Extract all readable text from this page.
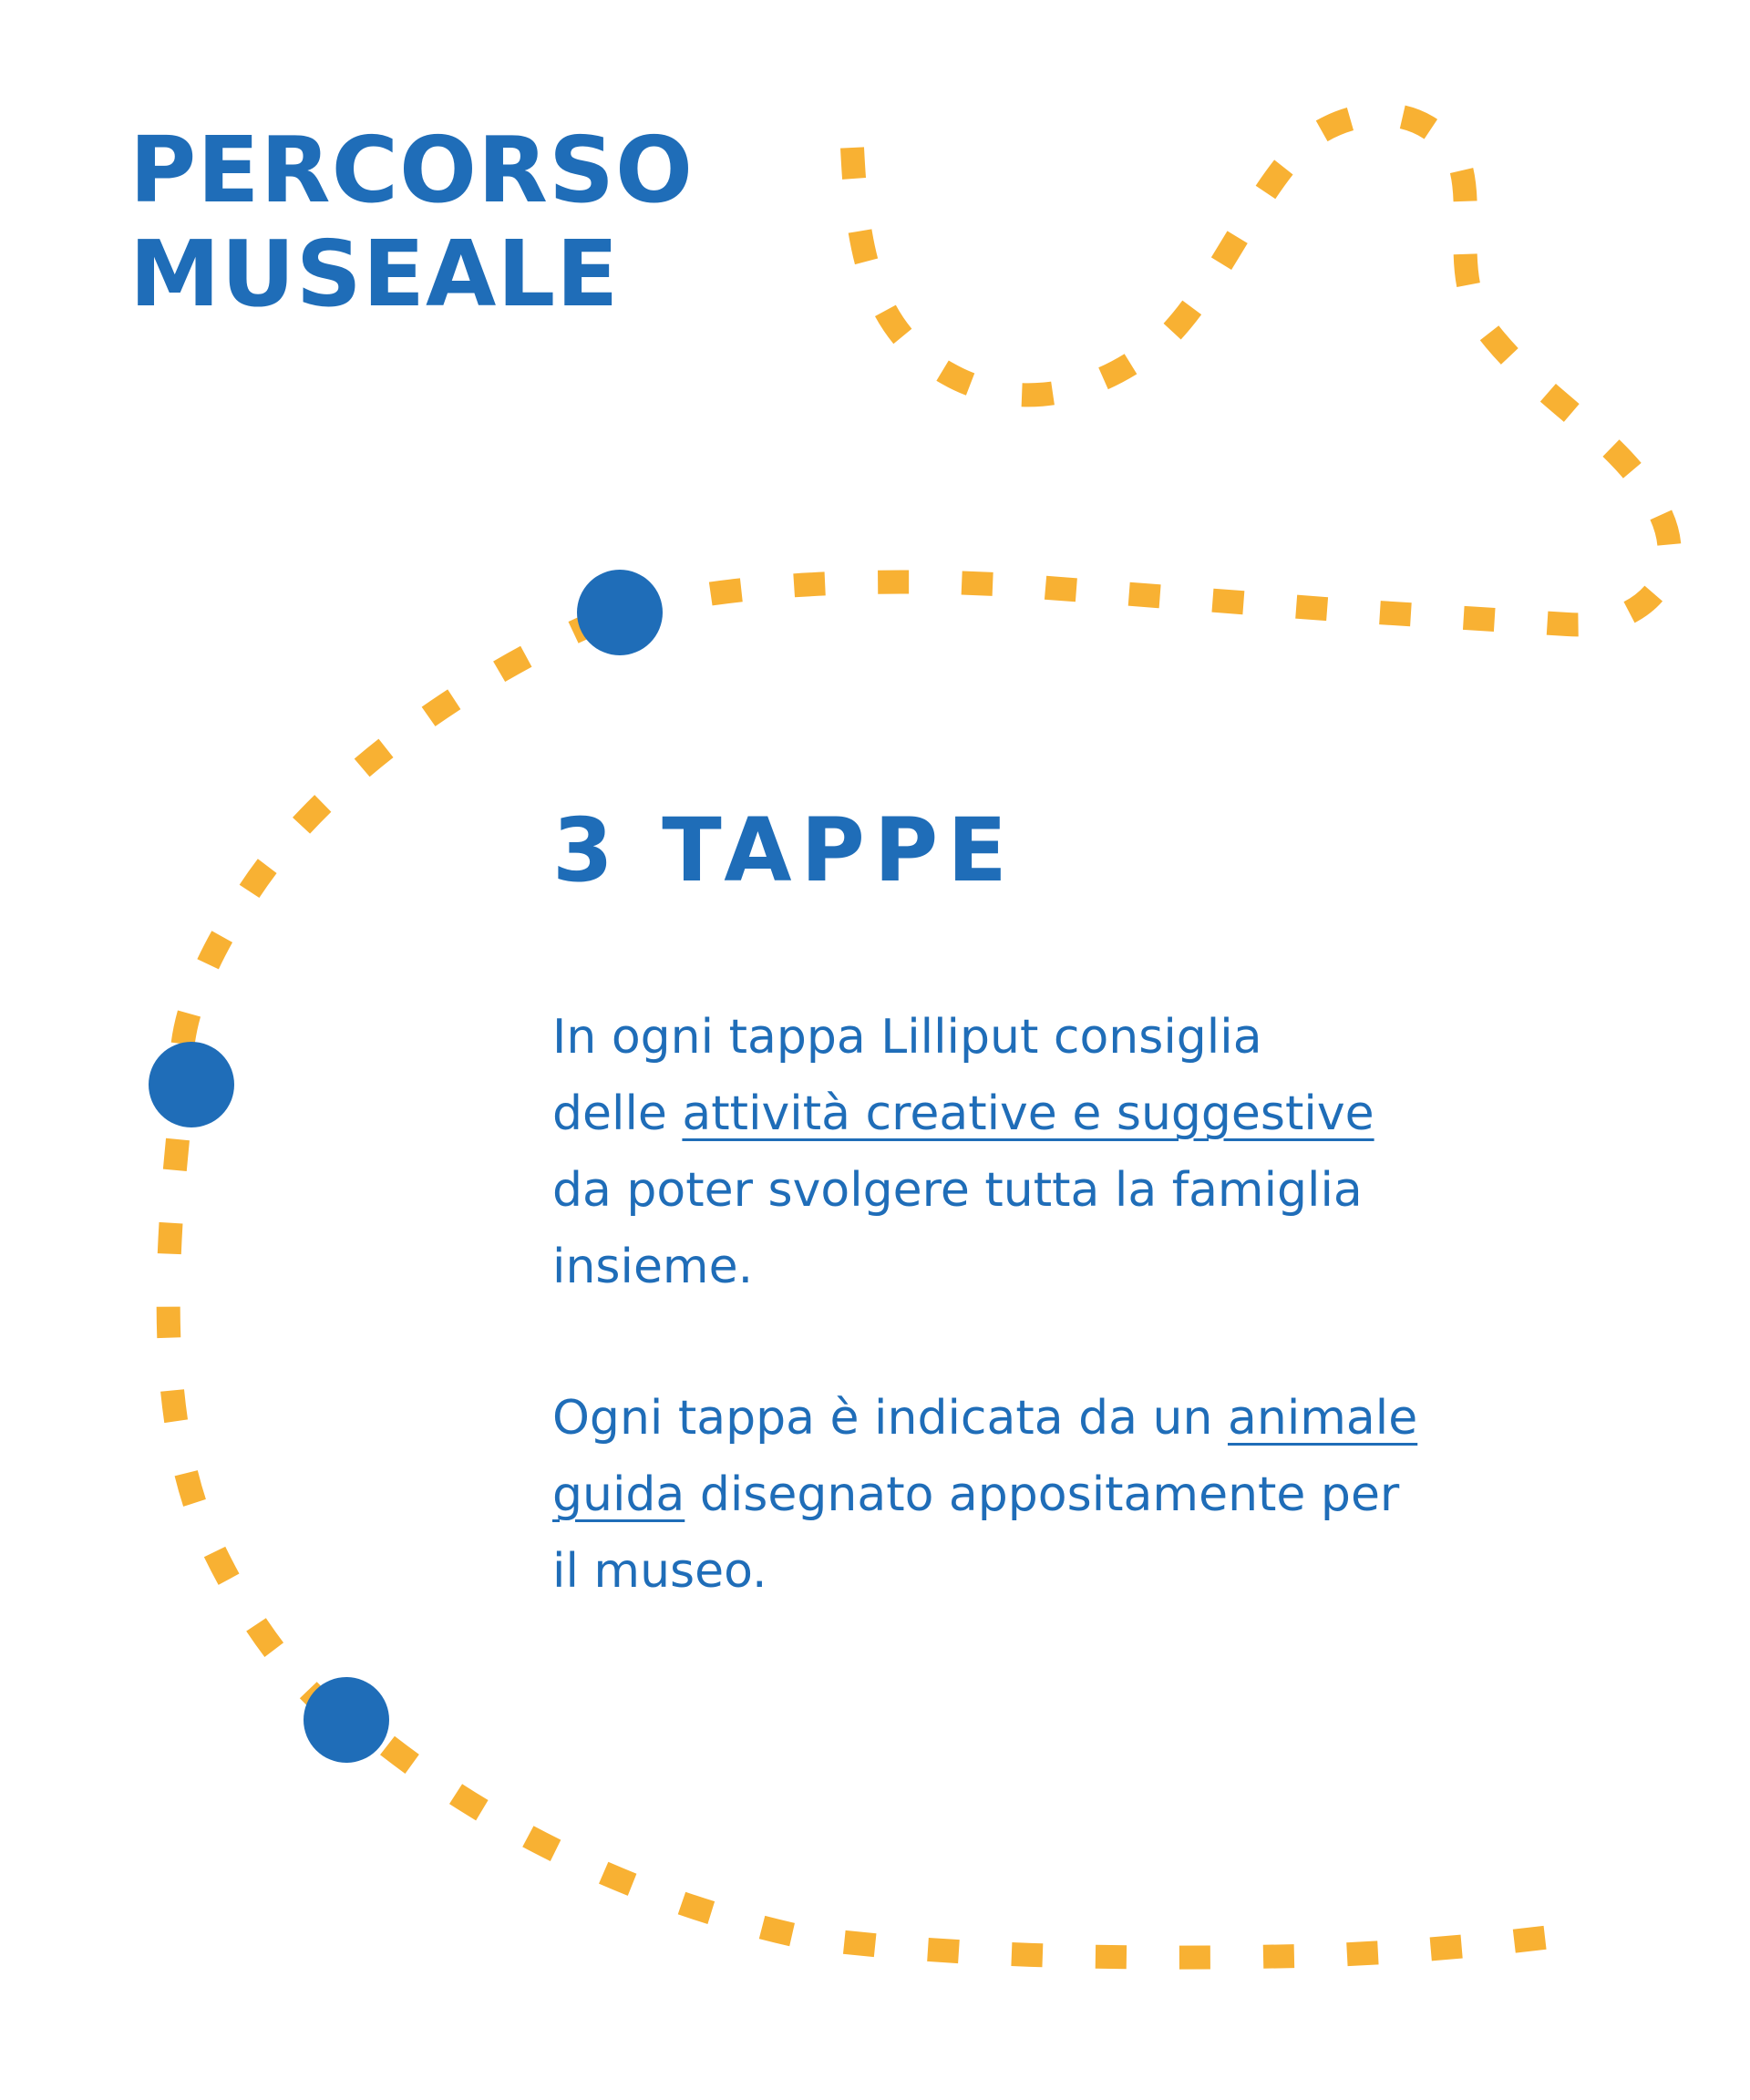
PERCORSO
MUSEALE
3 TAPPE

In ogni tappa Lilliput consiglia
delle attività creative e suggestive
da poter svolgere tutta la famiglia
insieme.

Ogni tappa è indicata da un animale
guida disegnato appositamente per
il museo.
